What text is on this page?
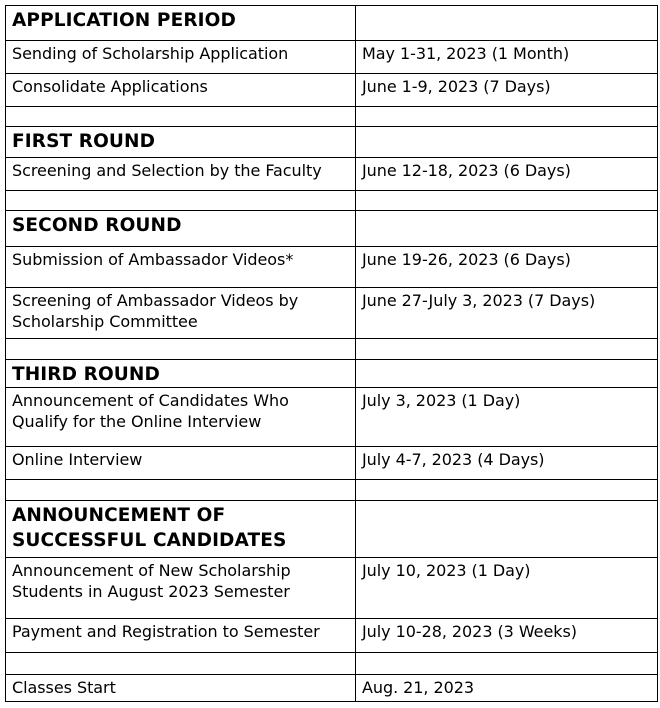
APPLICATION PERIOD	
Sending of Scholarship Application	May 1-31, 2023 (1 Month)
Consolidate Applications	June 1-9, 2023 (7 Days)

FIRST ROUND	
Screening and Selection by the Faculty	June 12-18, 2023 (6 Days)

SECOND ROUND	
Submission of Ambassador Videos*	June 19-26, 2023 (6 Days)
Screening of Ambassador Videos by Scholarship Committee	June 27-July 3, 2023 (7 Days)

THIRD ROUND	
Announcement of Candidates Who Qualify for the Online Interview	July 3, 2023 (1 Day)
Online Interview	July 4-7, 2023 (4 Days)

ANNOUNCEMENT OF SUCCESSFUL CANDIDATES	
Announcement of New Scholarship Students in August 2023 Semester	July 10, 2023 (1 Day)
Payment and Registration to Semester	July 10-28, 2023 (3 Weeks)

Classes Start	Aug. 21, 2023
